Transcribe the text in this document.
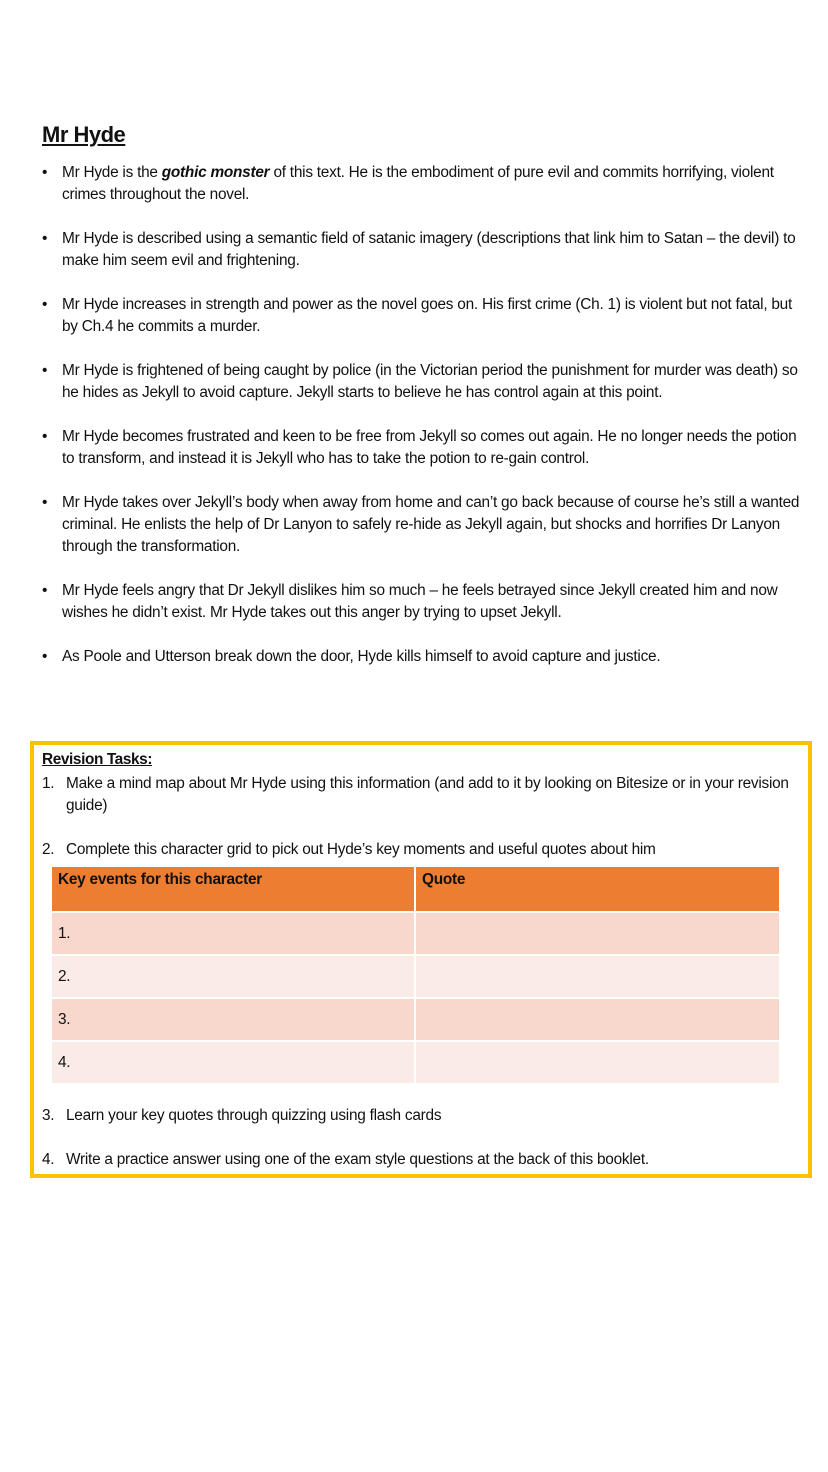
Mr Hyde
• Mr Hyde is the gothic monster of this text. He is the embodiment of pure evil and commits horrifying, violent crimes throughout the novel.
• Mr Hyde is described using a semantic field of satanic imagery (descriptions that link him to Satan – the devil) to make him seem evil and frightening.
• Mr Hyde increases in strength and power as the novel goes on. His first crime (Ch. 1) is violent but not fatal, but by Ch.4 he commits a murder.
• Mr Hyde is frightened of being caught by police (in the Victorian period the punishment for murder was death) so he hides as Jekyll to avoid capture. Jekyll starts to believe he has control again at this point.
• Mr Hyde becomes frustrated and keen to be free from Jekyll so comes out again. He no longer needs the potion to transform, and instead it is Jekyll who has to take the potion to re-gain control.
• Mr Hyde takes over Jekyll’s body when away from home and can’t go back because of course he’s still a wanted criminal. He enlists the help of Dr Lanyon to safely re-hide as Jekyll again, but shocks and horrifies Dr Lanyon through the transformation.
• Mr Hyde feels angry that Dr Jekyll dislikes him so much – he feels betrayed since Jekyll created him and now wishes he didn’t exist. Mr Hyde takes out this anger by trying to upset Jekyll.
• As Poole and Utterson break down the door, Hyde kills himself to avoid capture and justice.
Revision Tasks:
1. Make a mind map about Mr Hyde using this information (and add to it by looking on Bitesize or in your revision guide)
2. Complete this character grid to pick out Hyde’s key moments and useful quotes about him
Key events for this character	Quote
1.	
2.	
3.	
4.	
3. Learn your key quotes through quizzing using flash cards
4. Write a practice answer using one of the exam style questions at the back of this booklet.
